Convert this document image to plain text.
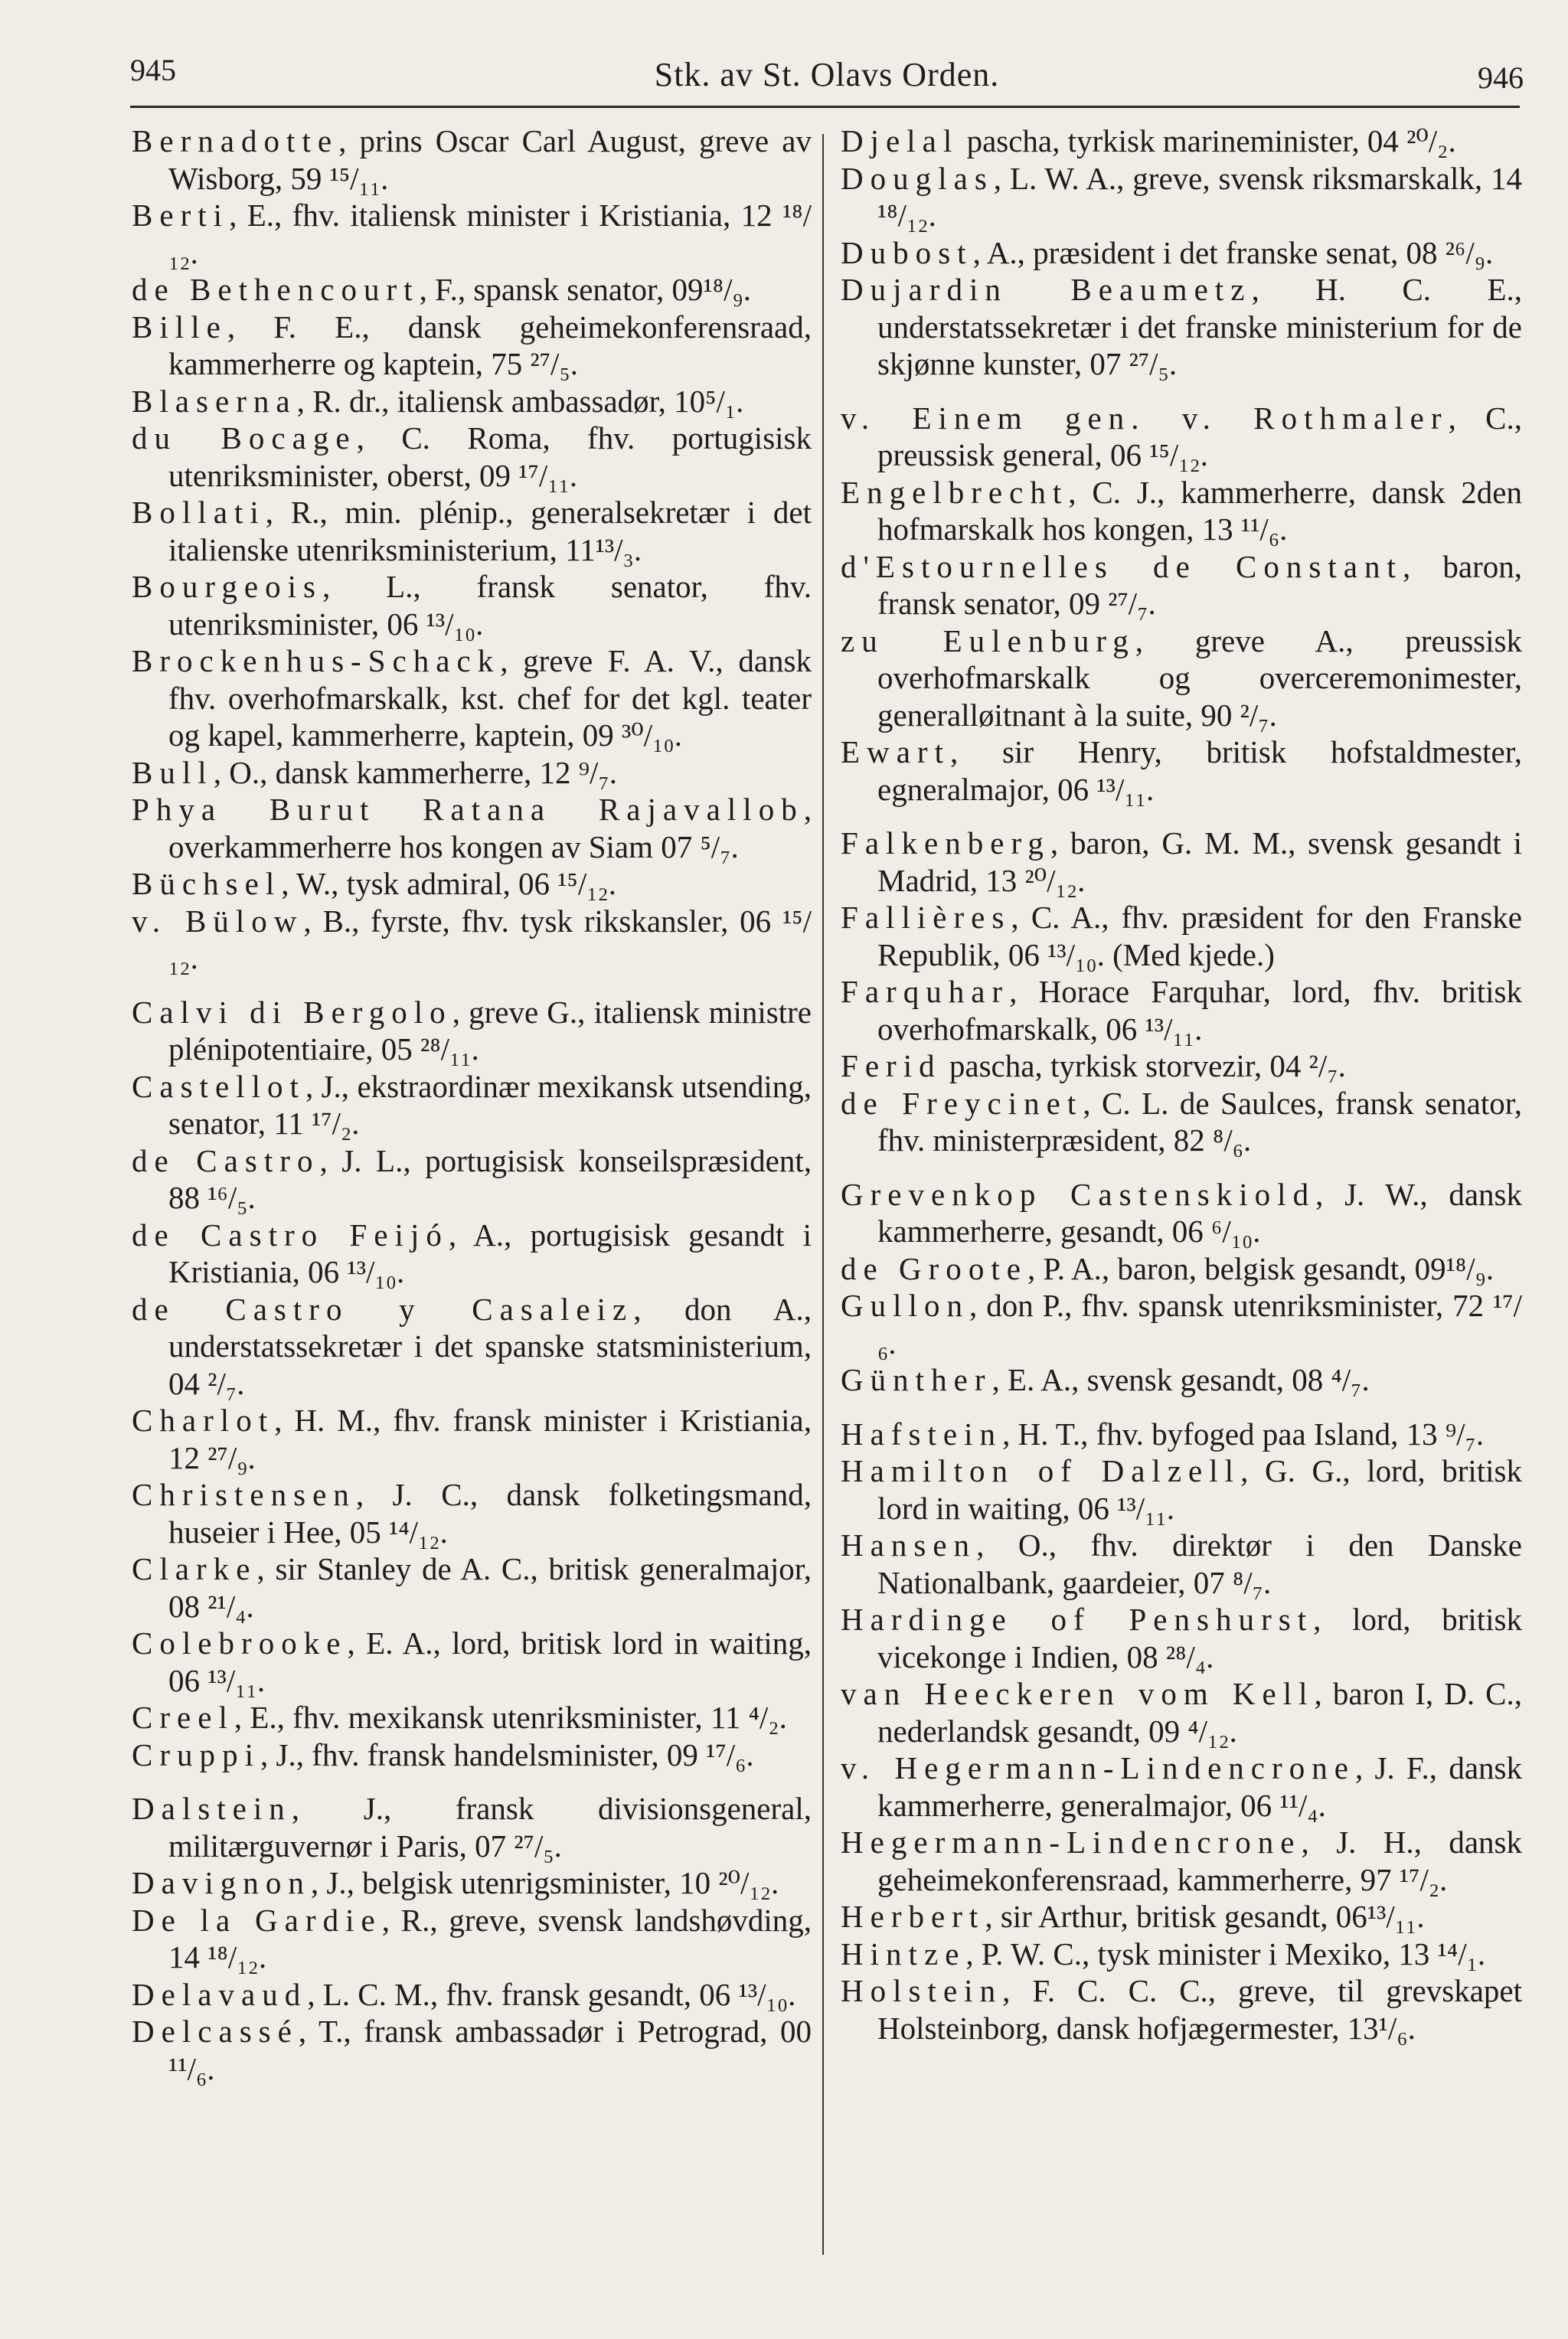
945	Stk. av St. Olavs Orden.	946

Bernadotte, prins Oscar Carl August, greve av Wisborg, 59 ¹⁵/₁₁.

Berti, E., fhv. italiensk minister i Kristiania, 12 ¹⁸/₁₂.

de Bethencourt, F., spansk senator, 09¹⁸/₉.

Bille, F. E., dansk geheimekonferensraad, kammerherre og kaptein, 75 ²⁷/₅.

Blaserna, R. dr., italiensk ambassadør, 10⁵/₁.

du Bocage, C. Roma, fhv. portugisisk utenriksminister, oberst, 09 ¹⁷/₁₁.

Bollati, R., min. plénip., generalsekretær i det italienske utenriksministerium, 11¹³/₃.

Bourgeois, L., fransk senator, fhv. utenriksminister, 06 ¹³/₁₀.

Brockenhus-Schack, greve F. A. V., dansk fhv. overhofmarskalk, kst. chef for det kgl. teater og kapel, kammerherre, kaptein, 09 ³⁰/₁₀.

Bull, O., dansk kammerherre, 12 ⁹/₇.

Phya Burut Ratana Rajavallob, overkammerherre hos kongen av Siam 07 ⁵/₇.

Büchsel, W., tysk admiral, 06 ¹⁵/₁₂.

v. Bülow, B., fyrste, fhv. tysk rikskansler, 06 ¹⁵/₁₂.

Calvi di Bergolo, greve G., italiensk ministre plénipotentiaire, 05 ²⁸/₁₁.

Castellot, J., ekstraordinær mexikansk utsending, senator, 11 ¹⁷/₂.

de Castro, J. L., portugisisk konseilspræsident, 88 ¹⁶/₅.

de Castro Feijó, A., portugisisk gesandt i Kristiania, 06 ¹³/₁₀.

de Castro y Casaleiz, don A., understatssekretær i det spanske statsministerium, 04 ²/₇.

Charlot, H. M., fhv. fransk minister i Kristiania, 12 ²⁷/₉.

Christensen, J. C., dansk folketingsmand, huseier i Hee, 05 ¹⁴/₁₂.

Clarke, sir Stanley de A. C., britisk generalmajor, 08 ²¹/₄.

Colebrooke, E. A., lord, britisk lord in waiting, 06 ¹³/₁₁.

Creel, E., fhv. mexikansk utenriksminister, 11 ⁴/₂.

Cruppi, J., fhv. fransk handelsminister, 09 ¹⁷/₆.

Dalstein, J., fransk divisionsgeneral, militærguvernør i Paris, 07 ²⁷/₅.

Davignon, J., belgisk utenrigsminister, 10 ²⁰/₁₂.

De la Gardie, R., greve, svensk landshøvding, 14 ¹⁸/₁₂.

Delavaud, L. C. M., fhv. fransk gesandt, 06 ¹³/₁₀.

Delcassé, T., fransk ambassadør i Petrograd, 00 ¹¹/₆.

Djelal pascha, tyrkisk marineminister, 04 ²⁰/₂.

Douglas, L. W. A., greve, svensk riksmarskalk, 14 ¹⁸/₁₂.

Dubost, A., præsident i det franske senat, 08 ²⁶/₉.

Dujardin Beaumetz, H. C. E., understatssekretær i det franske ministerium for de skjønne kunster, 07 ²⁷/₅.

v. Einem gen. v. Rothmaler, C., preussisk general, 06 ¹⁵/₁₂.

Engelbrecht, C. J., kammerherre, dansk 2den hofmarskalk hos kongen, 13 ¹¹/₆.

d'Estournelles de Constant, baron, fransk senator, 09 ²⁷/₇.

zu Eulenburg, greve A., preussisk overhofmarskalk og overceremonimester, generalløitnant à la suite, 90 ²/₇.

Ewart, sir Henry, britisk hofstaldmester, egneralmajor, 06 ¹³/₁₁.

Falkenberg, baron, G. M. M., svensk gesandt i Madrid, 13 ²⁰/₁₂.

Fallières, C. A., fhv. præsident for den Franske Republik, 06 ¹³/₁₀. (Med kjede.)

Farquhar, Horace Farquhar, lord, fhv. britisk overhofmarskalk, 06 ¹³/₁₁.

Ferid pascha, tyrkisk storvezir, 04 ²/₇.

de Freycinet, C. L. de Saulces, fransk senator, fhv. ministerpræsident, 82 ⁸/₆.

Grevenkop Castenskiold, J. W., dansk kammerherre, gesandt, 06 ⁶/₁₀.

de Groote, P. A., baron, belgisk gesandt, 09¹⁸/₉.

Gullon, don P., fhv. spansk utenriksminister, 72 ¹⁷/₆.

Günther, E. A., svensk gesandt, 08 ⁴/₇.

Hafstein, H. T., fhv. byfoged paa Island, 13 ⁹/₇.

Hamilton of Dalzell, G. G., lord, britisk lord in waiting, 06 ¹³/₁₁.

Hansen, O., fhv. direktør i den Danske Nationalbank, gaardeier, 07 ⁸/₇.

Hardinge of Penshurst, lord, britisk vicekonge i Indien, 08 ²⁸/₄.

van Heeckeren vom Kell, baron I, D. C., nederlandsk gesandt, 09 ⁴/₁₂.

v. Hegermann-Lindencrone, J. F., dansk kammerherre, generalmajor, 06 ¹¹/₄.

Hegermann-Lindencrone, J. H., dansk geheimekonferensraad, kammerherre, 97 ¹⁷/₂.

Herbert, sir Arthur, britisk gesandt, 06¹³/₁₁.

Hintze, P. W. C., tysk minister i Mexiko, 13 ¹⁴/₁.

Holstein, F. C. C. C., greve, til grevskapet Holsteinborg, dansk hofjægermester, 13¹/₆.
